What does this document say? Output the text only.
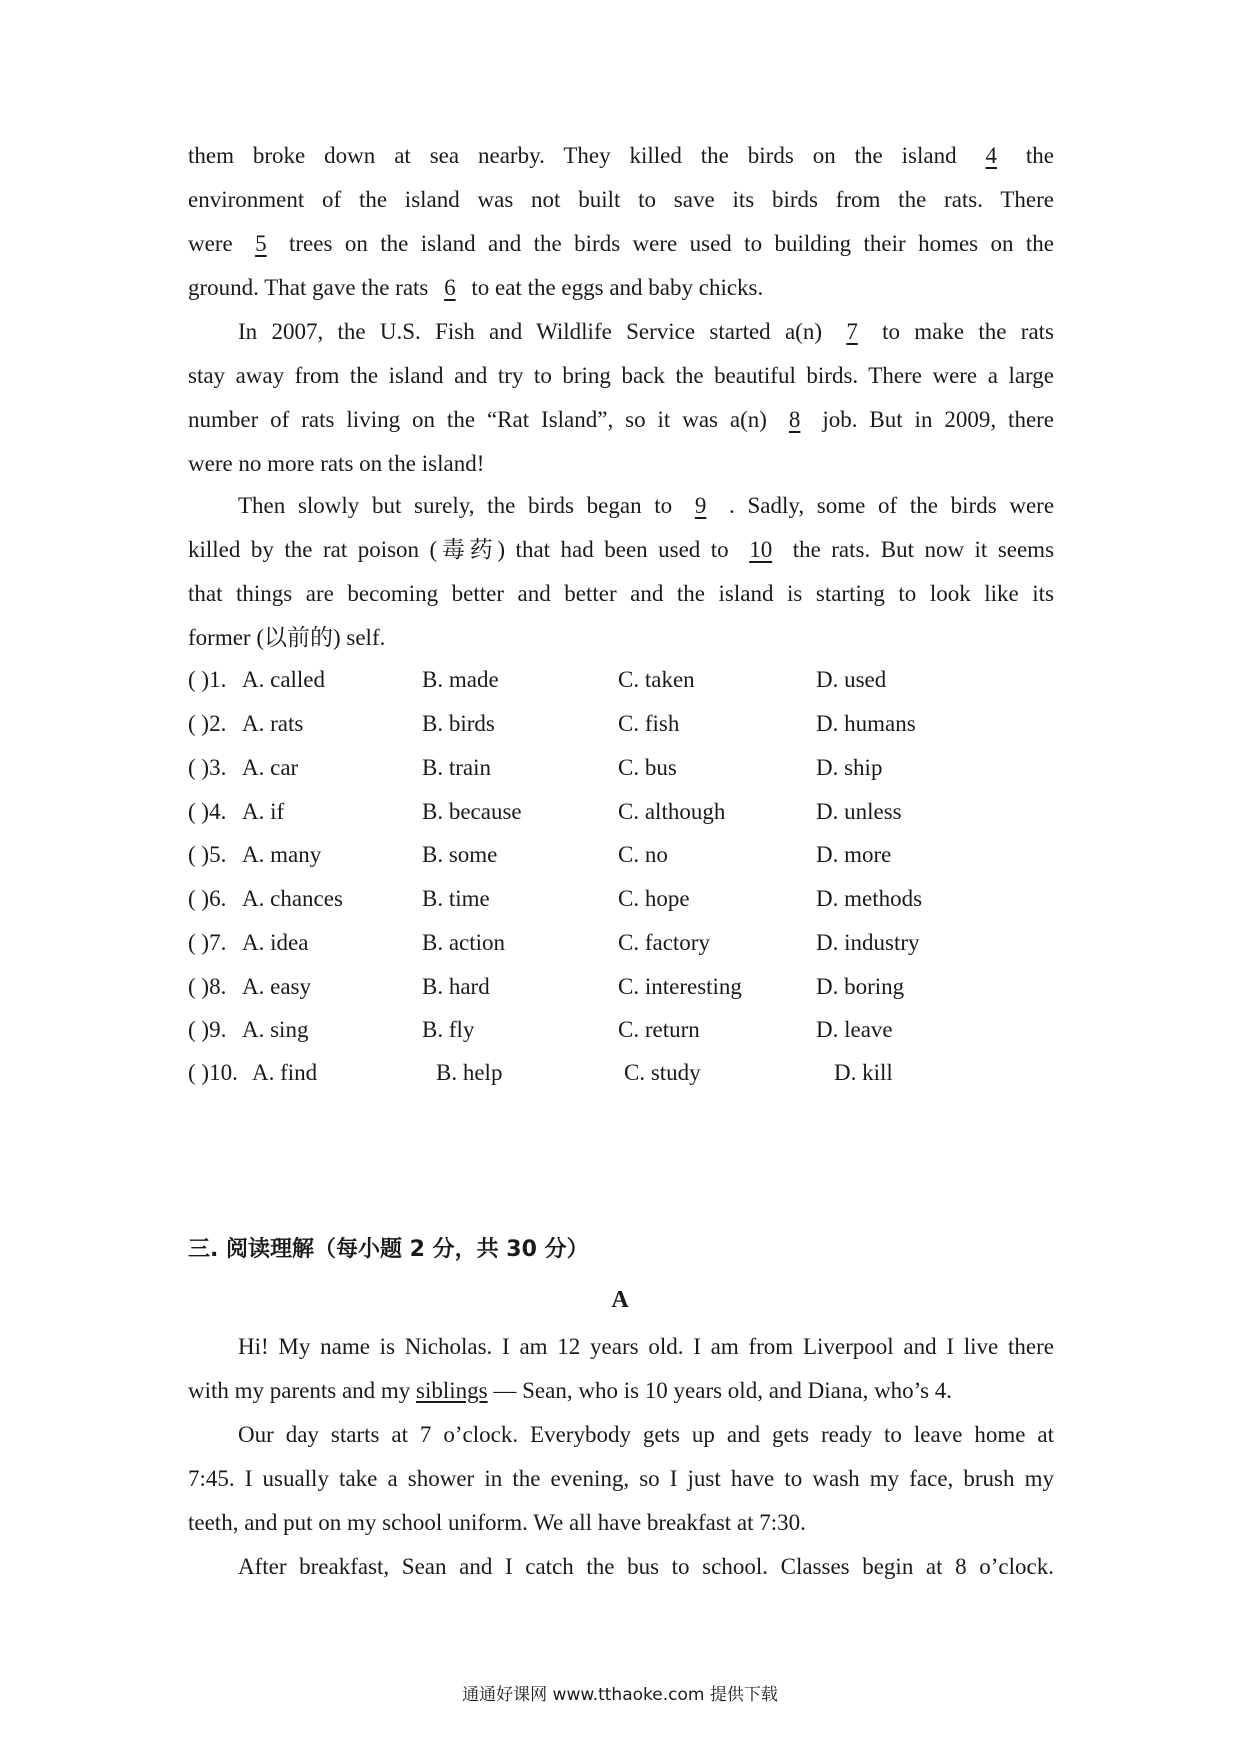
them broke down at sea nearby. They killed the birds on the island 4 the
environment of the island was not built to save its birds from the rats. There
were 5 trees on the island and the birds were used to building their homes on the
ground. That gave the rats 6 to eat the eggs and baby chicks.
In 2007, the U.S. Fish and Wildlife Service started a(n) 7 to make the rats
stay away from the island and try to bring back the beautiful birds. There were a large
number of rats living on the “Rat Island”, so it was a(n) 8 job. But in 2009, there
were no more rats on the island!
Then slowly but surely, the birds began to 9 . Sadly, some of the birds were
killed by the rat poison (毒药) that had been used to 10 the rats. But now it seems
that things are becoming better and better and the island is starting to look like its
former (以前的) self.
( )1. A. called	B. made	C. taken	D. used
( )2. A. rats	B. birds	C. fish	D. humans
( )3. A. car	B. train	C. bus	D. ship
( )4. A. if	B. because	C. although	D. unless
( )5. A. many	B. some	C. no	D. more
( )6. A. chances	B. time	C. hope	D. methods
( )7. A. idea	B. action	C. factory	D. industry
( )8. A. easy	B. hard	C. interesting	D. boring
( )9. A. sing	B. fly	C. return	D. leave
( )10. A. find	B. help	C. study	D. kill
三. 阅读理解（每小题 2 分，共 30 分）
A
Hi! My name is Nicholas. I am 12 years old. I am from Liverpool and I live there
with my parents and my siblings — Sean, who is 10 years old, and Diana, who’s 4.
Our day starts at 7 o’clock. Everybody gets up and gets ready to leave home at
7:45. I usually take a shower in the evening, so I just have to wash my face, brush my
teeth, and put on my school uniform. We all have breakfast at 7:30.
After breakfast, Sean and I catch the bus to school. Classes begin at 8 o’clock.
通通好课网 www.tthaoke.com 提供下载
